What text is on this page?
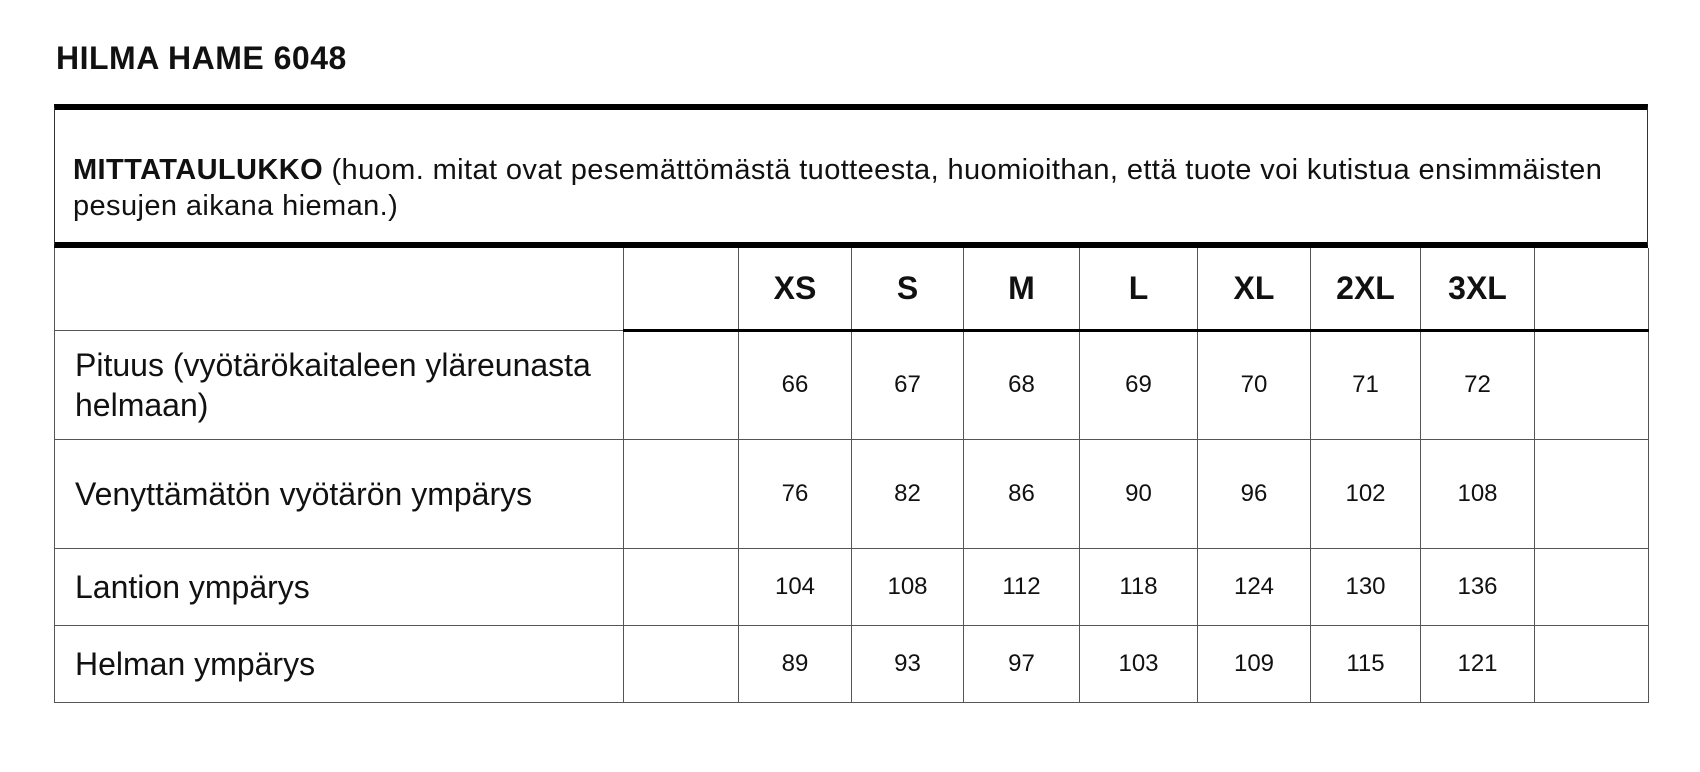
HILMA HAME 6048
MITTATAULUKKO (huom. mitat ovat pesemättömästä tuotteesta, huomioithan, että tuote voi kutistua ensimmäisten pesujen aikana hieman.)
		XS	S	M	L	XL	2XL	3XL	
Pituus (vyötärökaitaleen yläreunasta helmaan)		66	67	68	69	70	71	72	
Venyttämätön vyötärön ympärys		76	82	86	90	96	102	108	
Lantion ympärys		104	108	112	118	124	130	136	
Helman ympärys		89	93	97	103	109	115	121	
